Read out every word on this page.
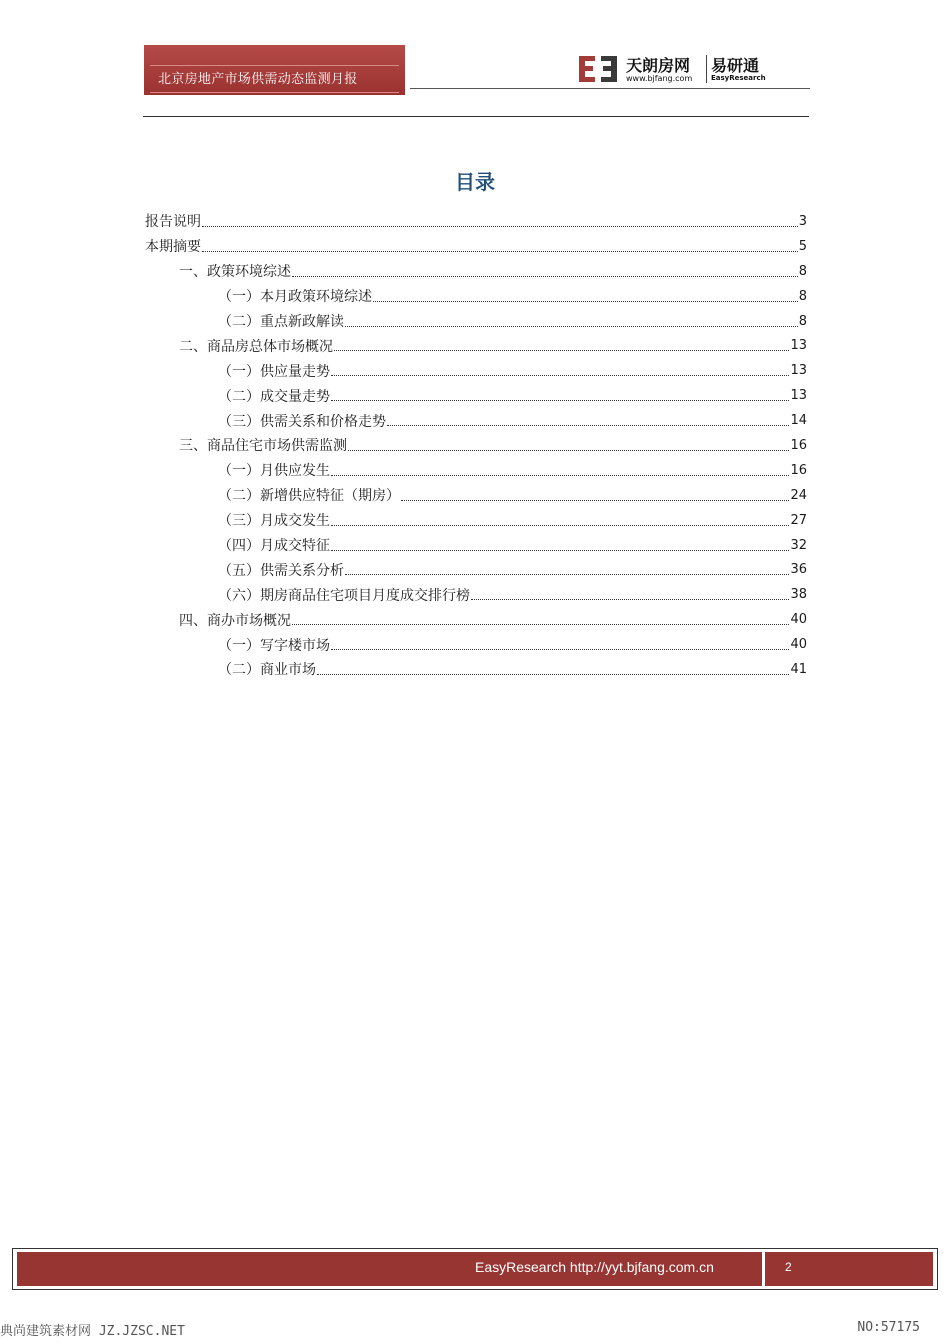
北京房地产市场供需动态监测月报
天朗房网
www.bjfang.com
易研通
EasyResearch
目录
报告说明	3
本期摘要	5
一、政策环境综述	8
（一）本月政策环境综述	8
（二）重点新政解读	8
二、商品房总体市场概况	13
（一）供应量走势	13
（二）成交量走势	13
（三）供需关系和价格走势	14
三、商品住宅市场供需监测	16
（一）月供应发生	16
（二）新增供应特征（期房）	24
（三）月成交发生	27
（四）月成交特征	32
（五）供需关系分析	36
（六）期房商品住宅项目月度成交排行榜	38
四、商办市场概况	40
（一）写字楼市场	40
（二）商业市场	41
EasyResearch http://yyt.bjfang.com.cn	2
典尚建筑素材网 JZ.JZSC.NET	NO:57175
